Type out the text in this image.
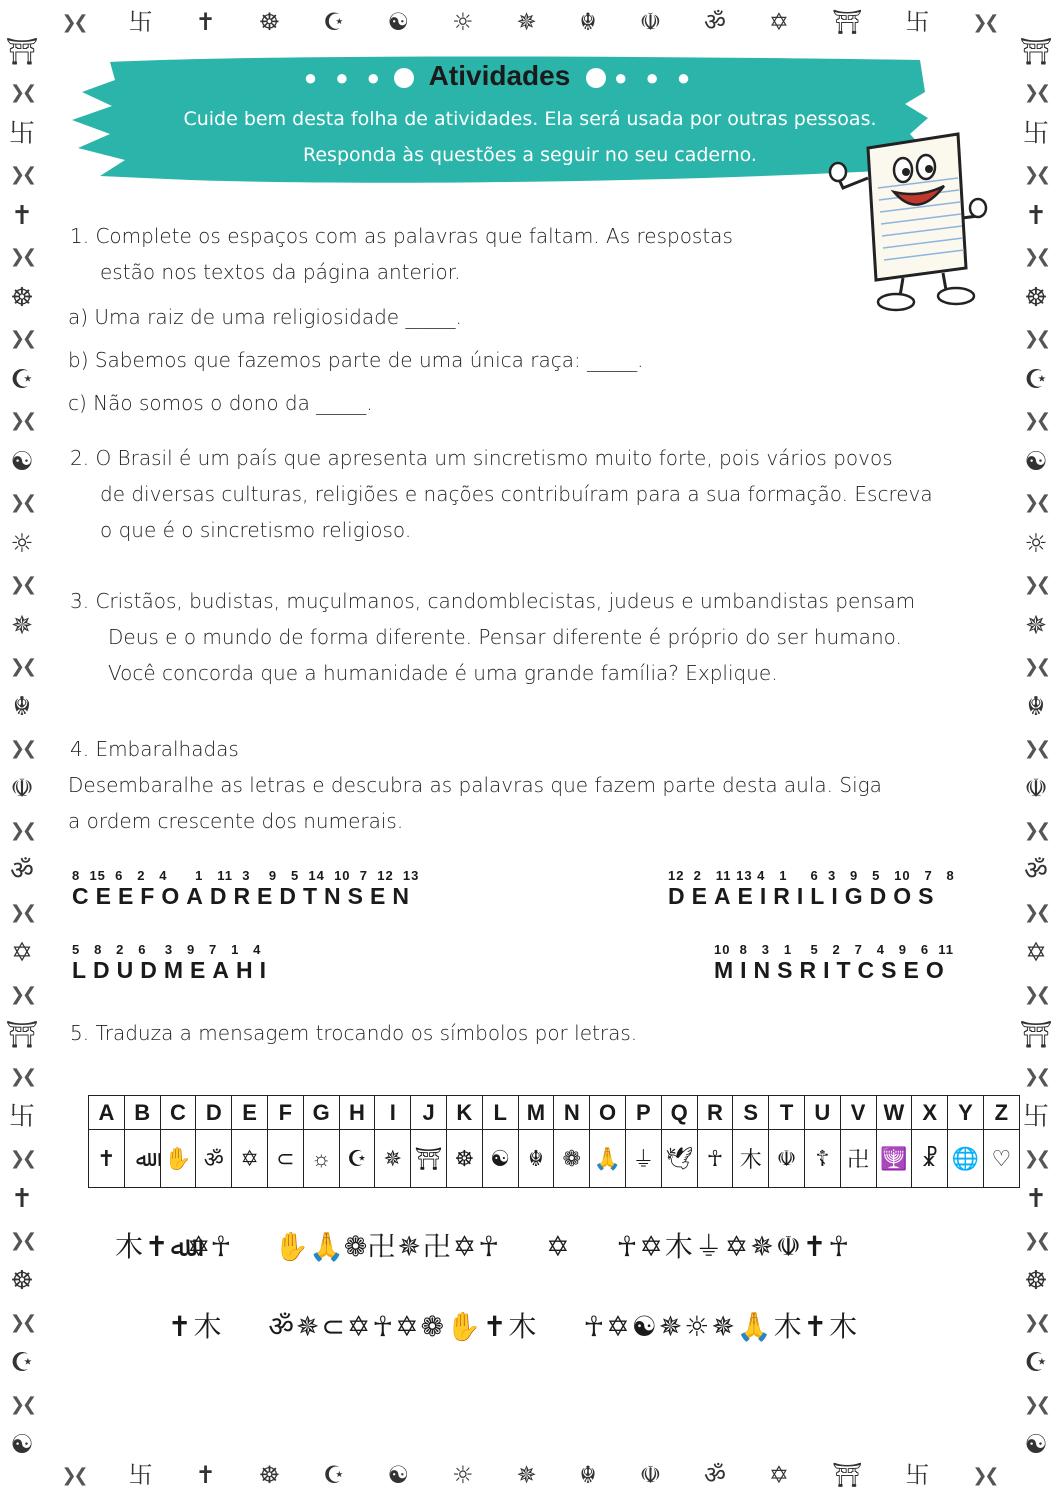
❯❮ 卐 ✝ ☸ ☪ ☯ ☼ ✵ ☬ ☫ ॐ ✡ ⛩ 卐 ❯❮
❯❮ 卐 ✝ ☸ ☪ ☯ ☼ ✵ ☬ ☫ ॐ ✡ ⛩ 卐 ❯❮
⛩
❯❮
卐
❯❮
✝
❯❮
☸
❯❮
☪
❯❮
☯
❯❮
☼
❯❮
✵
❯❮
☬
❯❮
☫
❯❮
ॐ
❯❮
✡
❯❮
⛩
❯❮
卐
❯❮
✝
❯❮
☸
❯❮
☪
❯❮
☯
⛩
❯❮
卐
❯❮
✝
❯❮
☸
❯❮
☪
❯❮
☯
❯❮
☼
❯❮
✵
❯❮
☬
❯❮
☫
❯❮
ॐ
❯❮
✡
❯❮
⛩
❯❮
卐
❯❮
✝
❯❮
☸
❯❮
☪
❯❮
☯
● ● ● Atividades ● ● ●
Cuide bem desta folha de atividades. Ela será usada por outras pessoas.
Responda às questões a seguir no seu caderno.

1. Complete os espaços com as palavras que faltam. As respostas

estão nos textos da página anterior.

a) Uma raiz de uma religiosidade _____.

b) Sabemos que fazemos parte de uma única raça: _____.

c) Não somos o dono da _____.

2. O Brasil é um país que apresenta um sincretismo muito forte, pois vários povos

de diversas culturas, religiões e nações contribuíram para a sua formação. Escreva

o que é o sincretismo religioso.

3. Cristãos, budistas, muçulmanos, candomblecistas, judeus e umbandistas pensam

Deus e o mundo de forma diferente. Pensar diferente é próprio do ser humano.

Você concorda que a humanidade é uma grande família? Explique.

4. Embaralhadas

Desembaralhe as letras e descubra as palavras que fazem parte desta aula. Siga

a ordem crescente dos numerais.

8  15  6   2   4      1   11  3    9   5  14  10  7  12  13
CEEFOADREDTNSEN
12  2   11 13 4   1     6  3   9   5   10   7   8
DEAEIRILIGDOS
5   8   2   6    3   9   7   1   4
LDUDMEAHI
10  8   3   1    5   2   7   4   9   6  11
MINSRITCSEO

5. Traduza a mensagem trocando os símbolos por letras.

A	B	C	D	E	F	G	H	I	J	K	L	M	N	O	P	Q	R	S	T	U	V	W	X	Y	Z
✝	ﷲ	✋	ॐ	✡	⊂	☼	☪	✵	⛩	☸	☯	☬	❁	🙏	⏚	🕊	☥	木	☫	☦	卍	🕎	☧	🌐	♡
木✝ﷲ✡☥ ✋🙏❁卍✵卍✡☥ ✡ ☥✡木⏚✡✵☫✝☥
✝木 ॐ✵⊂✡☥✡❁✋✝木 ☥✡☯✵☼✵🙏木✝木
